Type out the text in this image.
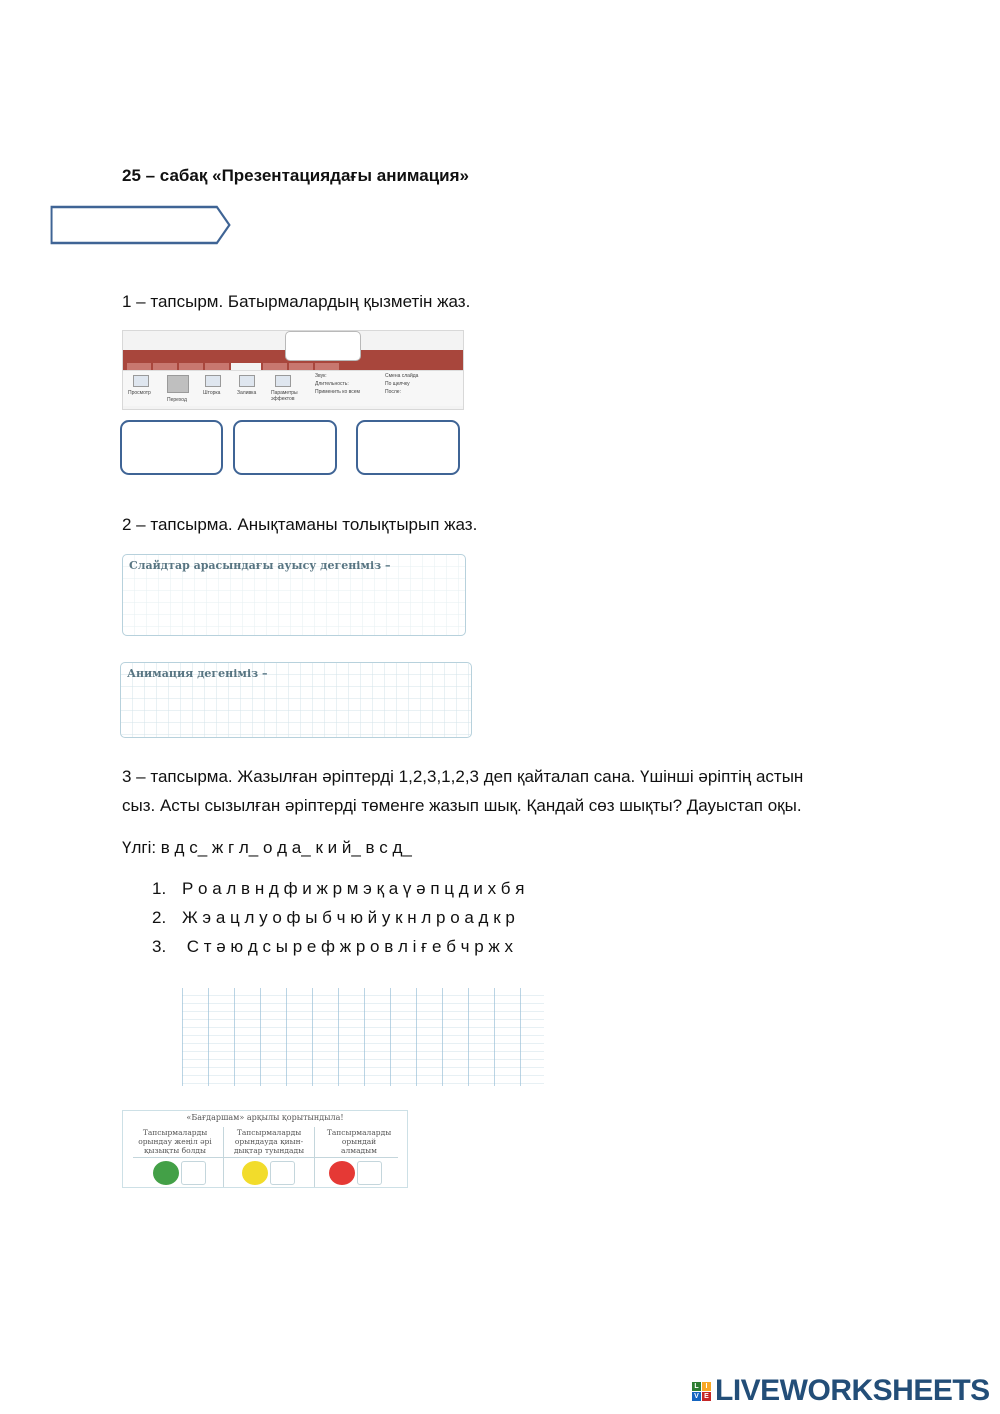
25 – сабақ «Презентациядағы анимация»
1 – тапсырм. Батырмалардың қызметін жаз.
Просмотр
Переход
Шторка	Заливка	Параметры эффектов
Звук:
Длительность:
Применить ко всем
Смена слайда
По щелчку
После:
2 – тапсырма. Анықтаманы толықтырып жаз.
Слайдтар арасындағы ауысу дегеніміз –
Анимация дегеніміз –
3 – тапсырма. Жазылған әріптерді 1,2,3,1,2,3 деп қайталап сана. Үшінші әріптің астын
сыз. Асты сызылған әріптерді төменге жазып шық. Қандай сөз шықты? Дауыстап оқы.
Үлгі: в д с_ ж г л_ о д а_ к и й_ в с д_
1. Р о а л в н д ф и ж р м э қ а ү ә п ц д и х б я
2. Ж э а ц л у о ф ы б ч ю й у к н л р о а д к р
3. С т ә ю д с ы р е ф ж р о в л і ғ е б ч р ж х
«Бағдаршам» арқылы қорытындыла!
Тапсырмаларды
орындау жеңіл әрі
қызықты болды
Тапсырмаларды
орындауда қиын-
дықтар туындады
Тапсырмаларды
орындай
алмадым
L I
V E LIVEWORKSHEETS
